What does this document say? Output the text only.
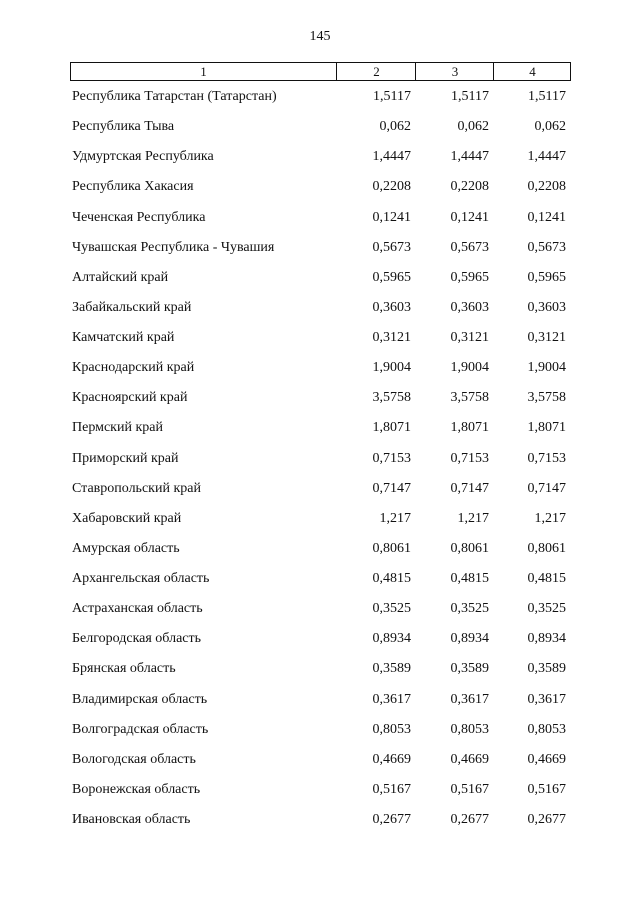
145
1	2	3	4
Республика Татарстан (Татарстан)	1,5117	1,5117	1,5117
Республика Тыва	0,062	0,062	0,062
Удмуртская Республика	1,4447	1,4447	1,4447
Республика Хакасия	0,2208	0,2208	0,2208
Чеченская Республика	0,1241	0,1241	0,1241
Чувашская Республика - Чувашия	0,5673	0,5673	0,5673
Алтайский край	0,5965	0,5965	0,5965
Забайкальский край	0,3603	0,3603	0,3603
Камчатский край	0,3121	0,3121	0,3121
Краснодарский край	1,9004	1,9004	1,9004
Красноярский край	3,5758	3,5758	3,5758
Пермский край	1,8071	1,8071	1,8071
Приморский край	0,7153	0,7153	0,7153
Ставропольский край	0,7147	0,7147	0,7147
Хабаровский край	1,217	1,217	1,217
Амурская область	0,8061	0,8061	0,8061
Архангельская область	0,4815	0,4815	0,4815
Астраханская область	0,3525	0,3525	0,3525
Белгородская область	0,8934	0,8934	0,8934
Брянская область	0,3589	0,3589	0,3589
Владимирская область	0,3617	0,3617	0,3617
Волгоградская область	0,8053	0,8053	0,8053
Вологодская область	0,4669	0,4669	0,4669
Воронежская область	0,5167	0,5167	0,5167
Ивановская область	0,2677	0,2677	0,2677
